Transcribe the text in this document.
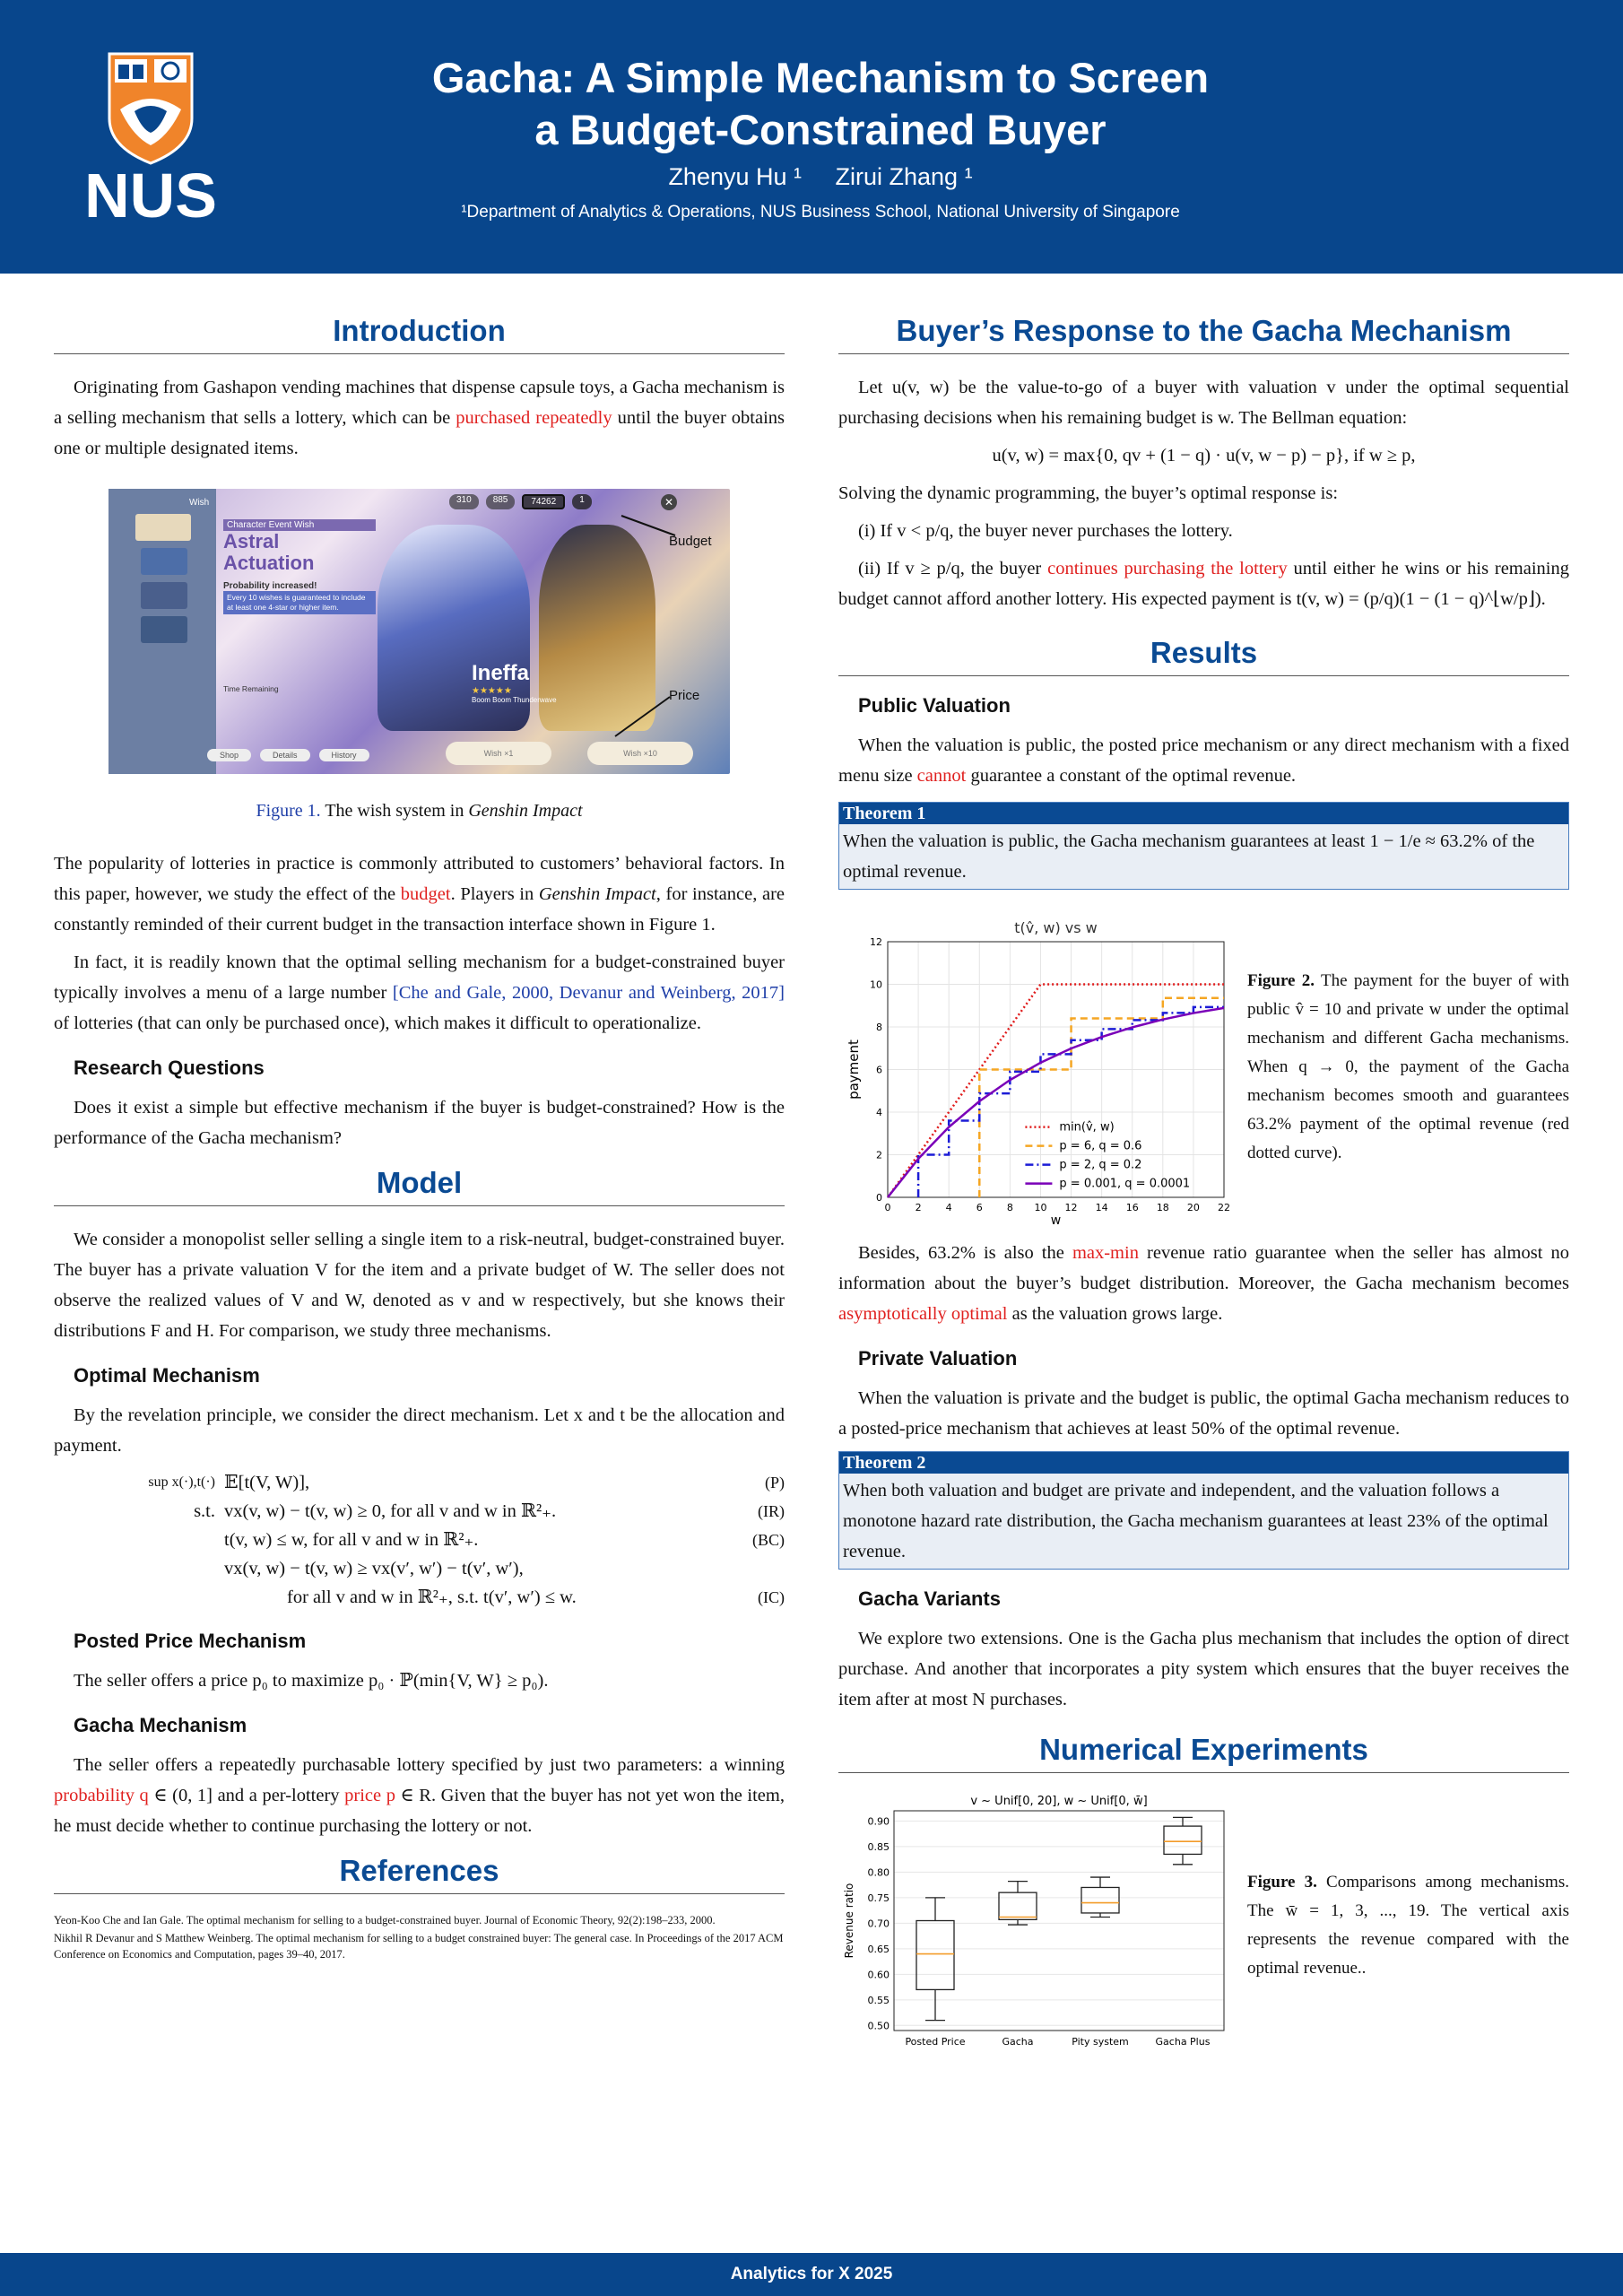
NUS
Gacha: A Simple Mechanism to Screen
a Budget-Constrained Buyer
Zhenyu Hu ¹     Zirui Zhang ¹
¹Department of Analytics & Operations, NUS Business School, National University of Singapore
Introduction

Originating from Gashapon vending machines that dispense capsule toys, a Gacha mechanism is a selling mechanism that sells a lottery, which can be purchased repeatedly until the buyer obtains one or multiple designated items.

Wish	310	885	74262	1	✕
Character Event Wish
Astral
Actuation
Probability increased!
Every 10 wishes is guaranteed to include at least one 4-star or higher item.
Time Remaining
Ineffa
★★★★★
Boom Boom Thunderwave
Shop	Details	History	Wish ×1	Wish ×10
Budget
Price
Figure 1. The wish system in Genshin Impact

The popularity of lotteries in practice is commonly attributed to customers’ behavioral factors. In this paper, however, we study the effect of the budget. Players in Genshin Impact, for instance, are constantly reminded of their current budget in the transaction interface shown in Figure 1.

In fact, it is readily known that the optimal selling mechanism for a budget-constrained buyer typically involves a menu of a large number [Che and Gale, 2000, Devanur and Weinberg, 2017] of lotteries (that can only be purchased once), which makes it difficult to operationalize.

Research Questions

Does it exist a simple but effective mechanism if the buyer is budget-constrained? How is the performance of the Gacha mechanism?

Model

We consider a monopolist seller selling a single item to a risk-neutral, budget-constrained buyer. The buyer has a private valuation V for the item and a private budget of W. The seller does not observe the realized values of V and W, denoted as v and w respectively, but she knows their distributions F and H. For comparison, we study three mechanisms.

Optimal Mechanism

By the revelation principle, we consider the direct mechanism. Let x and t be the allocation and payment.

sup x(·),t(·) 𝔼[t(V, W)],	(P)
s.t. vx(v, w) − t(v, w) ≥ 0, for all v and w in ℝ²₊.	(IR)
t(v, w) ≤ w, for all v and w in ℝ²₊.	(BC)
vx(v, w) − t(v, w) ≥ vx(v′, w′) − t(v′, w′),
for all v and w in ℝ²₊, s.t. t(v′, w′) ≤ w.	(IC)
Posted Price Mechanism

The seller offers a price p₀ to maximize p₀ · ℙ(min{V, W} ≥ p₀).

Gacha Mechanism

The seller offers a repeatedly purchasable lottery specified by just two parameters: a winning probability q ∈ (0, 1] and a per-lottery price p ∈ R. Given that the buyer has not yet won the item, he must decide whether to continue purchasing the lottery or not.

References
Yeon-Koo Che and Ian Gale. The optimal mechanism for selling to a budget-constrained buyer. Journal of Economic Theory, 92(2):198–233, 2000.
Nikhil R Devanur and S Matthew Weinberg. The optimal mechanism for selling to a budget constrained buyer: The general case. In Proceedings of the 2017 ACM Conference on Economics and Computation, pages 39–40, 2017.
Buyer’s Response to the Gacha Mechanism

Let u(v, w) be the value-to-go of a buyer with valuation v under the optimal sequential purchasing decisions when his remaining budget is w. The Bellman equation:

u(v, w) = max{0, qv + (1 − q) · u(v, w − p) − p}, if w ≥ p,

Solving the dynamic programming, the buyer’s optimal response is:

(i) If v < p/q, the buyer never purchases the lottery.

(ii) If v ≥ p/q, the buyer continues purchasing the lottery until either he wins or his remaining budget cannot afford another lottery. His expected payment is t(v, w) = (p/q)(1 − (1 − q)^⌊w/p⌋).

Results
Public Valuation

When the valuation is public, the posted price mechanism or any direct mechanism with a fixed menu size cannot guarantee a constant of the optimal revenue.

Theorem 1
When the valuation is public, the Gacha mechanism guarantees at least 1 − 1/e ≈ 63.2% of the optimal revenue.
t(v̂, w) vs w
0 2 4 6 8 10 12 14 16 18 20 22
0
2
4
6
8
10
12
w
payment
min(v̂, w)
p = 6, q = 0.6
p = 2, q = 0.2
p = 0.001, q = 0.0001
Figure 2. The payment for the buyer of with public v̂ = 10 and private w under the optimal mechanism and different Gacha mechanisms. When q → 0, the payment of the Gacha mechanism becomes smooth and guarantees 63.2% payment of the optimal revenue (red dotted curve).

Besides, 63.2% is also the max-min revenue ratio guarantee when the seller has almost no information about the buyer’s budget distribution. Moreover, the Gacha mechanism becomes asymptotically optimal as the valuation grows large.

Private Valuation

When the valuation is private and the budget is public, the optimal Gacha mechanism reduces to a posted-price mechanism that achieves at least 50% of the optimal revenue.

Theorem 2
When both valuation and budget are private and independent, and the valuation follows a monotone hazard rate distribution, the Gacha mechanism guarantees at least 23% of the optimal revenue.
Gacha Variants

We explore two extensions. One is the Gacha plus mechanism that includes the option of direct purchase. And another that incorporates a pity system which ensures that the buyer receives the item after at most N purchases.

Numerical Experiments
v ~ Unif[0, 20], w ~ Unif[0, w̄]
0.50
0.55
0.60
0.65
0.70
0.75
0.80
0.85
0.90
Revenue ratio
Posted Price	Gacha	Pity system	Gacha Plus
Figure 3. Comparisons among mechanisms. The w̄ = 1, 3, ..., 19. The vertical axis represents the revenue compared with the optimal revenue..
Analytics for X 2025
